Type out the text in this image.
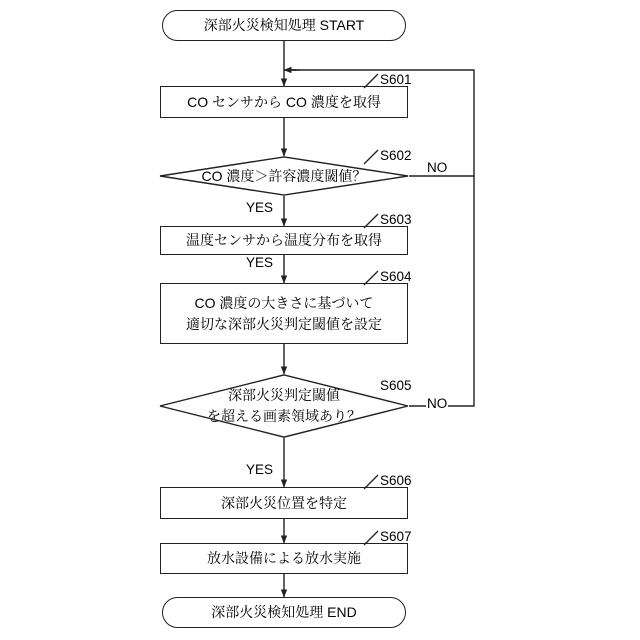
深部火災検知処理 START
CO センサから CO 濃度を取得
S601
CO 濃度＞許容濃度閾値？
S602
NO
YES
温度センサから温度分布を取得
S603
YES
CO 濃度の大きさに基づいて
適切な深部火災判定閾値を設定
S604
深部火災判定閾値
を超える画素領域あり？
S605
NO
YES
深部火災位置を特定
S606
放水設備による放水実施
S607
深部火災検知処理 END
